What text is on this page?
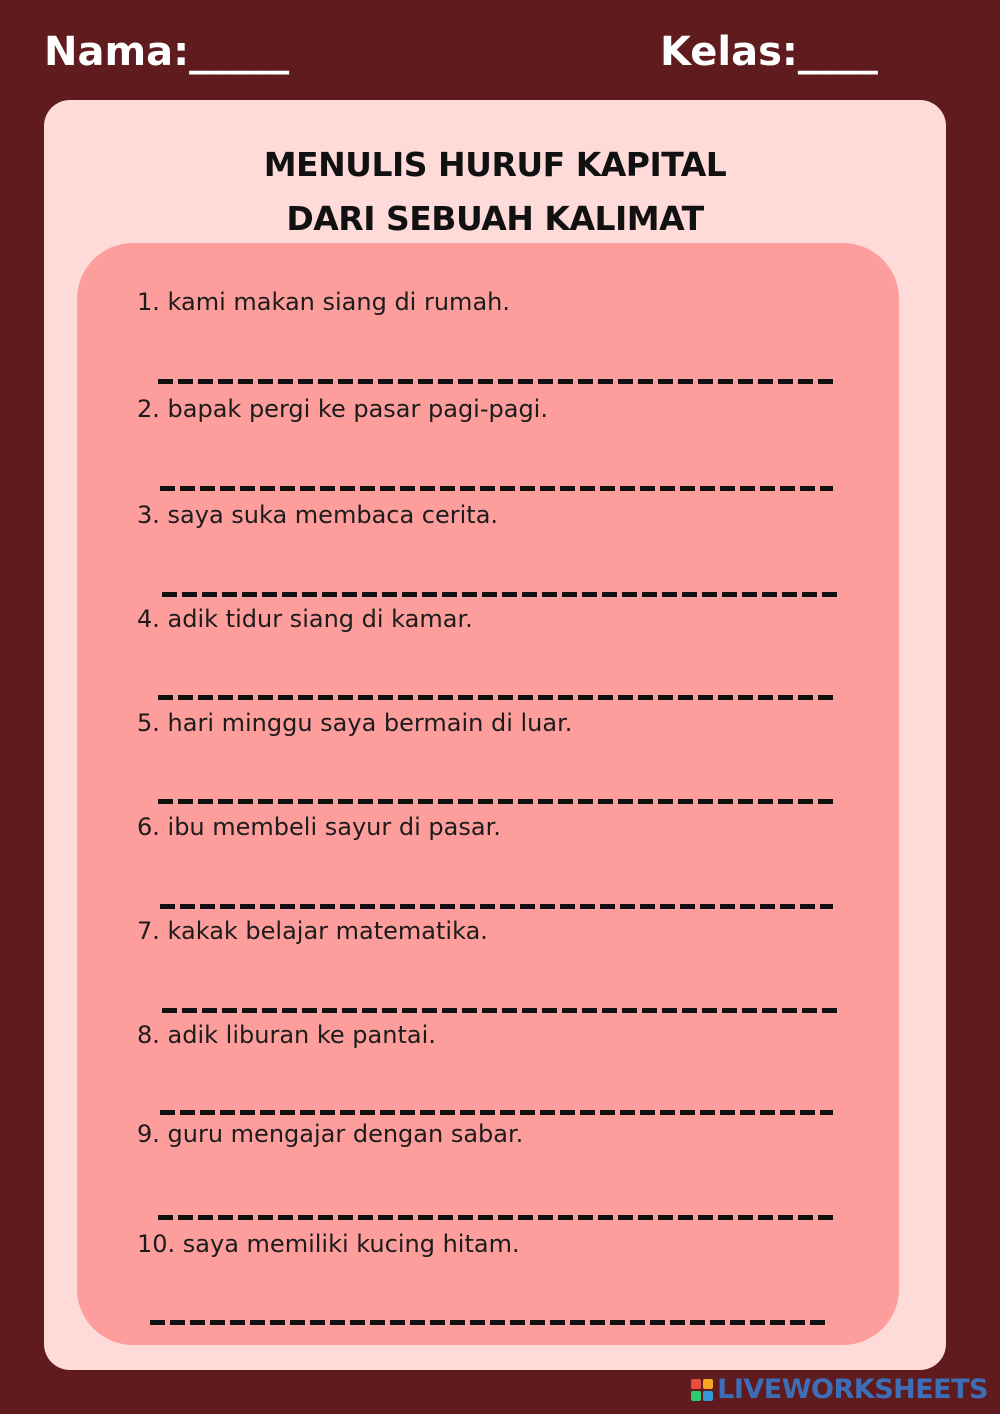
Nama:_____	Kelas:____
MENULIS HURUF KAPITAL
DARI SEBUAH KALIMAT
1. kami makan siang di rumah.
2. bapak pergi ke pasar pagi-pagi.
3. saya suka membaca cerita.
4. adik tidur siang di kamar.
5. hari minggu saya bermain di luar.
6. ibu membeli sayur di pasar.
7. kakak belajar matematika.
8. adik liburan ke pantai.
9. guru mengajar dengan sabar.
10. saya memiliki kucing hitam.
LIVEWORKSHEETS
